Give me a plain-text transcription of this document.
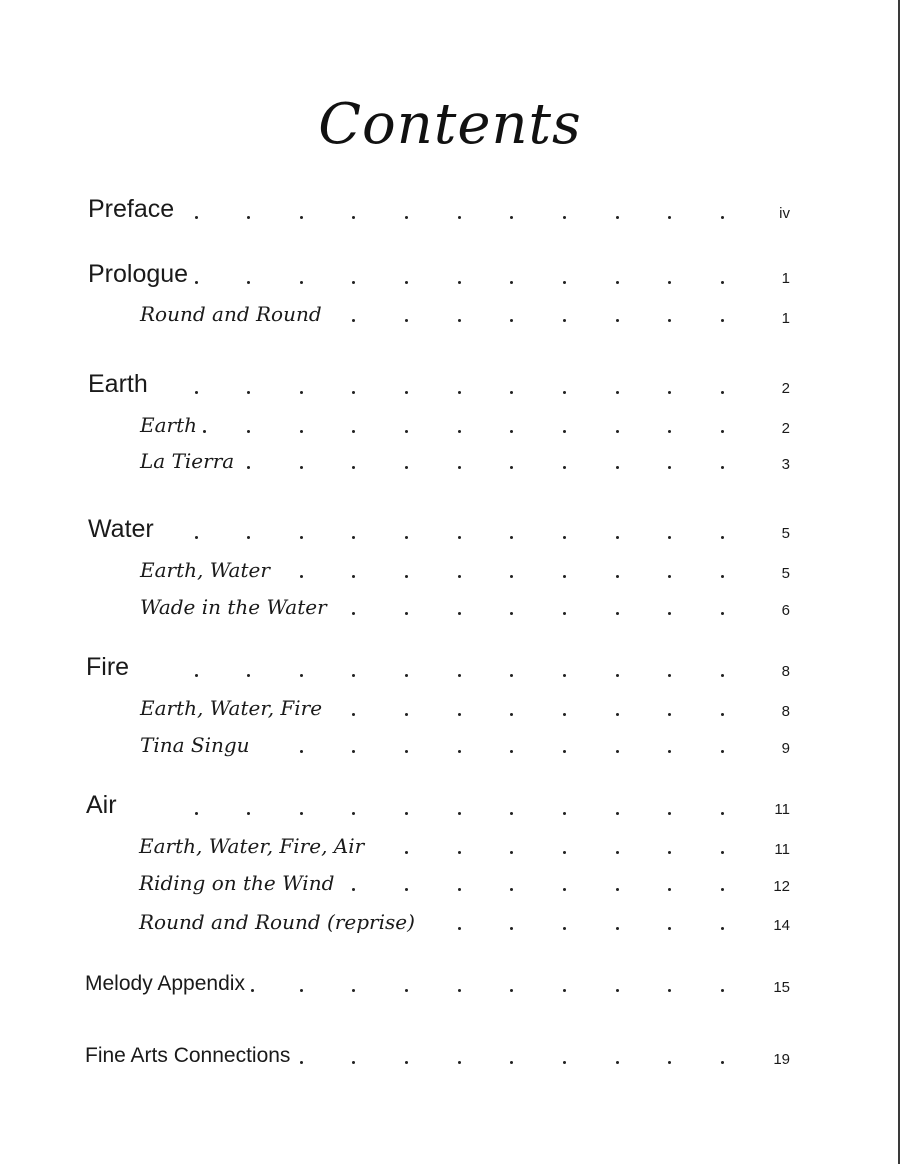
Contents
Preface	iv
Prologue	1
Round and Round	1
Earth	2
Earth	2
La Tierra	3
Water	5
Earth, Water	5
Wade in the Water	6
Fire	8
Earth, Water, Fire	8
Tina Singu	9
Air	11
Earth, Water, Fire, Air	11
Riding on the Wind	12
Round and Round (reprise)	14
Melody Appendix	15
Fine Arts Connections	19
